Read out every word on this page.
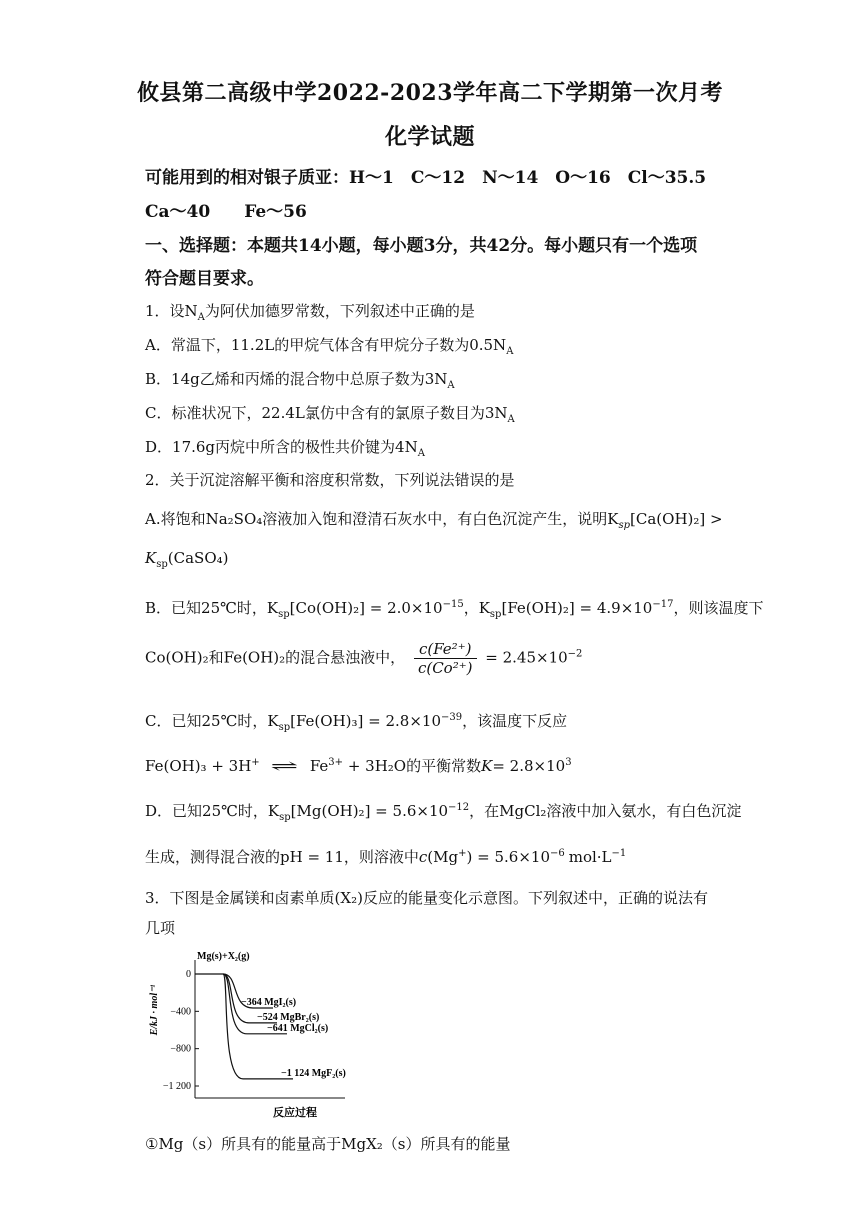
攸县第二高级中学2022-2023学年高二下学期第一次月考
化学试题
可能用到的相对银子质亚：H～1　C～12　N～14　O～16　Cl～35.5
Ca～40　　Fe～56
一、选择题：本题共14小题，每小题3分，共42分。每小题只有一个选项
符合题目要求。
1．设$N_A$为阿伏加德罗常数，下列叙述中正确的是
A．常温下，11.2L的甲烷气体含有甲烷分子数为$0.5N_A$
B．14g乙烯和丙烯的混合物中总原子数为$3N_A$
C．标准状况下，22.4L氯仿中含有的氯原子数目为$3N_A$
D．17.6g丙烷中所含的极性共价键为$4N_A$
2．关于沉淀溶解平衡和溶度积常数，下列说法错误的是
A.将饱和Na₂SO₄溶液加入饱和澄清石灰水中，有白色沉淀产生，说明$K_{sp}[Ca(OH)_2]$ >
$K_{sp}(CaSO_4)$
B．已知25℃时，$K_{sp}[Co(OH)_2] = 2.0\times 10^{-15}$，$K_{sp}[Fe(OH)_2] = 4.9\times 10^{-17}$，则该温度下
Co(OH)₂和Fe(OH)₂的混合悬浊液中， $\frac{\text{c(Fe²⁺)}}{\text{c(Co²⁺)}} = 2.45\times 10^{-2}$
C．已知25℃时，$K_{sp}[Fe(OH)_3] = 2.8\times 10^{-39}$，该温度下反应
Fe(OH)₃ + 3H+ ⇌ $Fe^{3+} + 3H_2O$的平衡常数$K= 2.8\times 10^3$
D．已知25℃时，$K_{sp}[Mg(OH)_2] = 5.6\times 10^{-12}$，在MgCl₂溶液中加入氨水，有白色沉淀
生成，测得混合液的pH = 11，则溶液中$c(Mg^+) = 5.6\times 10^{-6}$ $mol\cdot L^{-1}$
3．下图是金属镁和卤素单质(X₂)反应的能量变化示意图。下列叙述中，正确的说法有
几项
0
−400
−800
−1 200
E/kJ · mol⁻¹
Mg(s)+X₂(g)
反应过程
−364 MgI₂(s)
−524 MgBr₂(s)
−641 MgCl₂(s)
−1 124 MgF₂(s)
①Mg（s）所具有的能量高于MgX₂（s）所具有的能量
